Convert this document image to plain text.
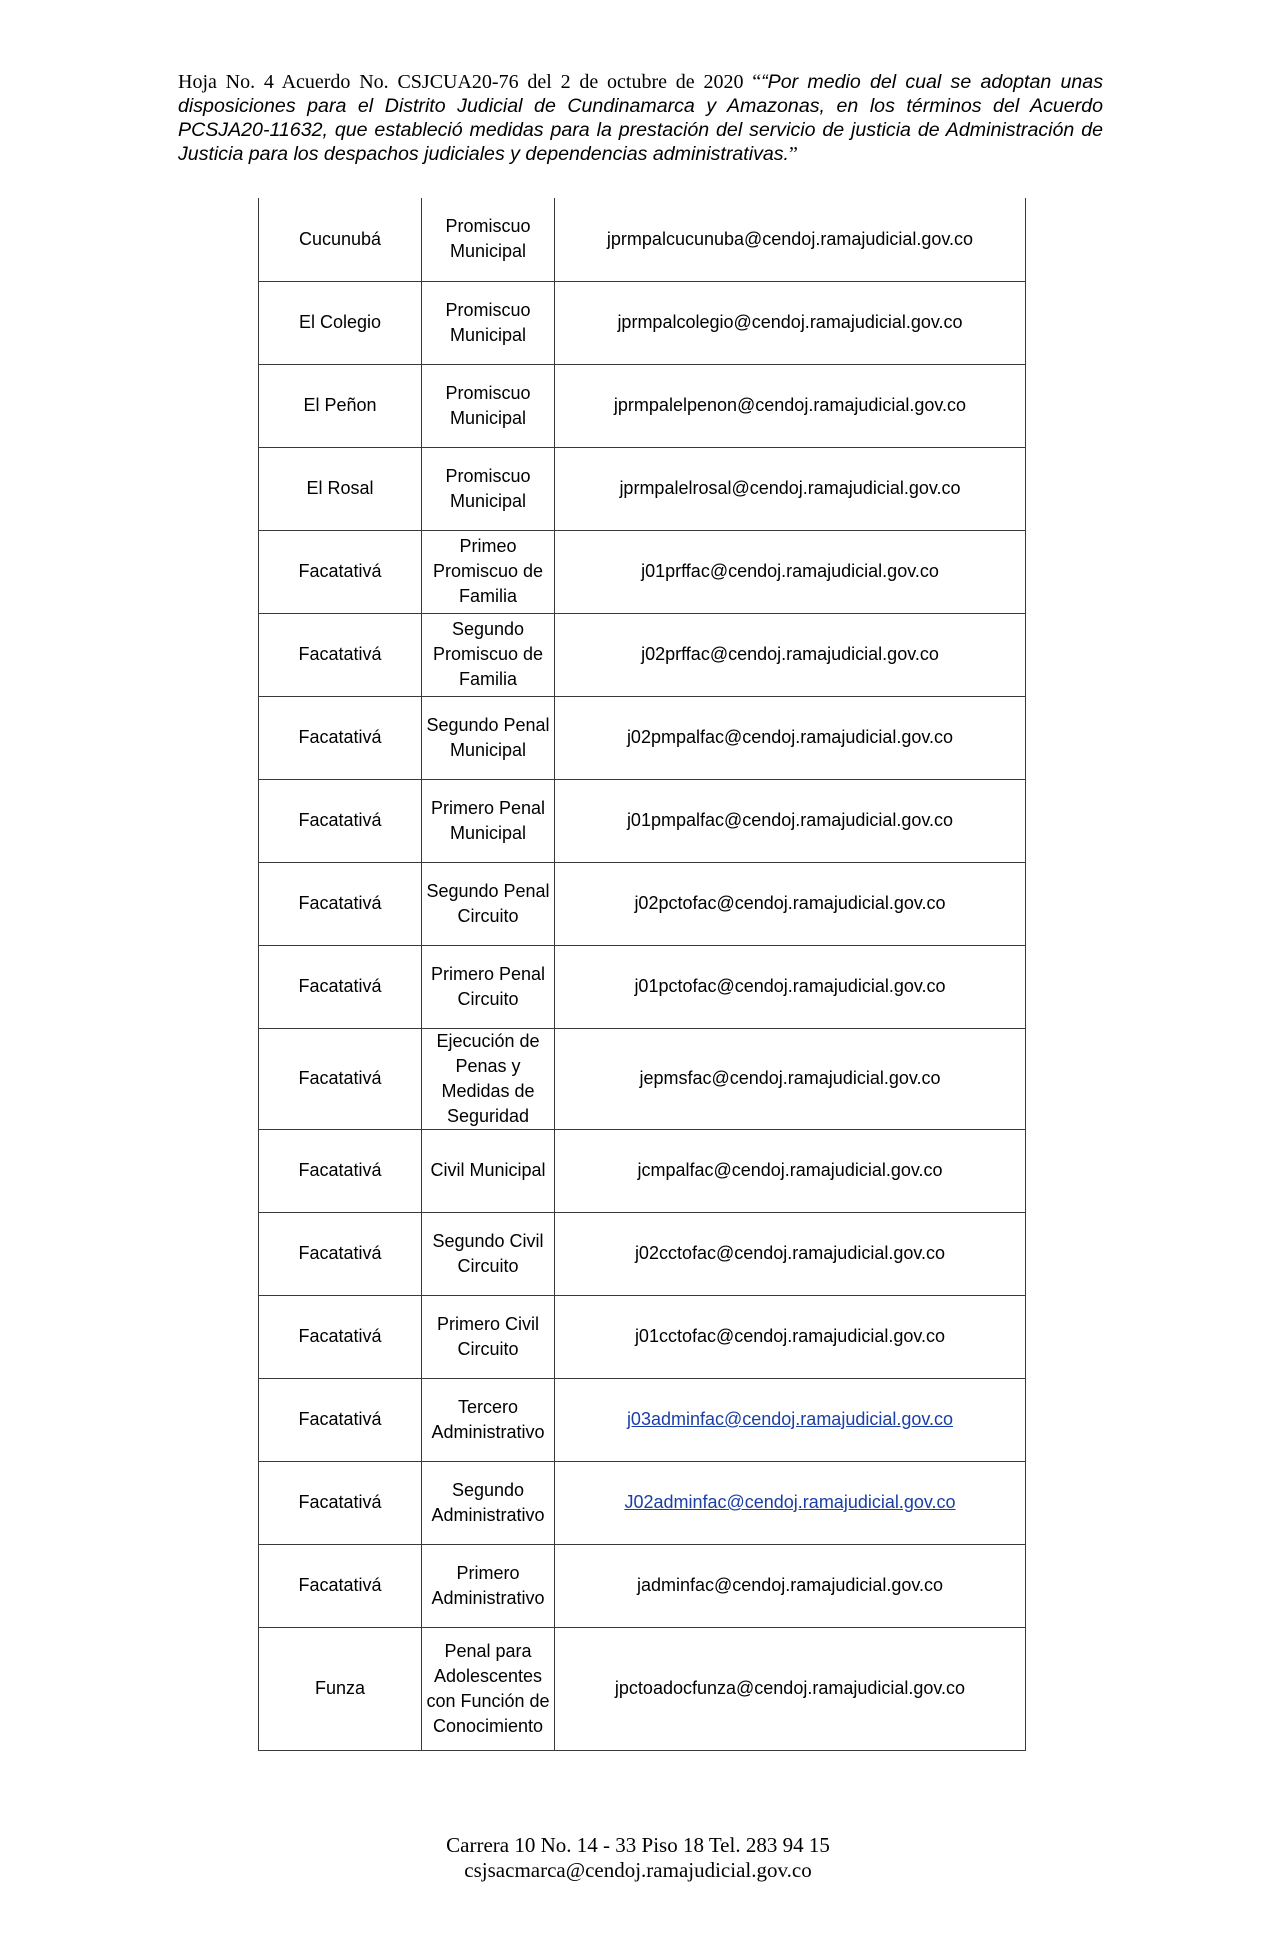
Hoja No. 4 Acuerdo No. CSJCUA20-76 del 2 de octubre de 2020 ““Por medio del cual se adoptan unas disposiciones para el Distrito Judicial de Cundinamarca y Amazonas, en los términos del Acuerdo PCSJA20-11632, que estableció medidas para la prestación del servicio de justicia de Administración de Justicia para los despachos judiciales y dependencias administrativas.”
Cucunubá	Promiscuo Municipal	jprmpalcucunuba@cendoj.ramajudicial.gov.co
El Colegio	Promiscuo Municipal	jprmpalcolegio@cendoj.ramajudicial.gov.co
El Peñon	Promiscuo Municipal	jprmpalelpenon@cendoj.ramajudicial.gov.co
El Rosal	Promiscuo Municipal	jprmpalelrosal@cendoj.ramajudicial.gov.co
Facatativá	Primeo Promiscuo de Familia	j01prffac@cendoj.ramajudicial.gov.co
Facatativá	Segundo Promiscuo de Familia	j02prffac@cendoj.ramajudicial.gov.co
Facatativá	Segundo Penal Municipal	j02pmpalfac@cendoj.ramajudicial.gov.co
Facatativá	Primero Penal Municipal	j01pmpalfac@cendoj.ramajudicial.gov.co
Facatativá	Segundo Penal Circuito	j02pctofac@cendoj.ramajudicial.gov.co
Facatativá	Primero Penal Circuito	j01pctofac@cendoj.ramajudicial.gov.co
Facatativá	Ejecución de Penas y Medidas de Seguridad	jepmsfac@cendoj.ramajudicial.gov.co
Facatativá	Civil Municipal	jcmpalfac@cendoj.ramajudicial.gov.co
Facatativá	Segundo Civil Circuito	j02cctofac@cendoj.ramajudicial.gov.co
Facatativá	Primero Civil Circuito	j01cctofac@cendoj.ramajudicial.gov.co
Facatativá	Tercero Administrativo	j03adminfac@cendoj.ramajudicial.gov.co
Facatativá	Segundo Administrativo	J02adminfac@cendoj.ramajudicial.gov.co
Facatativá	Primero Administrativo	jadminfac@cendoj.ramajudicial.gov.co
Funza	Penal para Adolescentes con Función de Conocimiento	jpctoadocfunza@cendoj.ramajudicial.gov.co
Carrera 10 No. 14 - 33 Piso 18 Tel. 283 94 15
csjsacmarca@cendoj.ramajudicial.gov.co
